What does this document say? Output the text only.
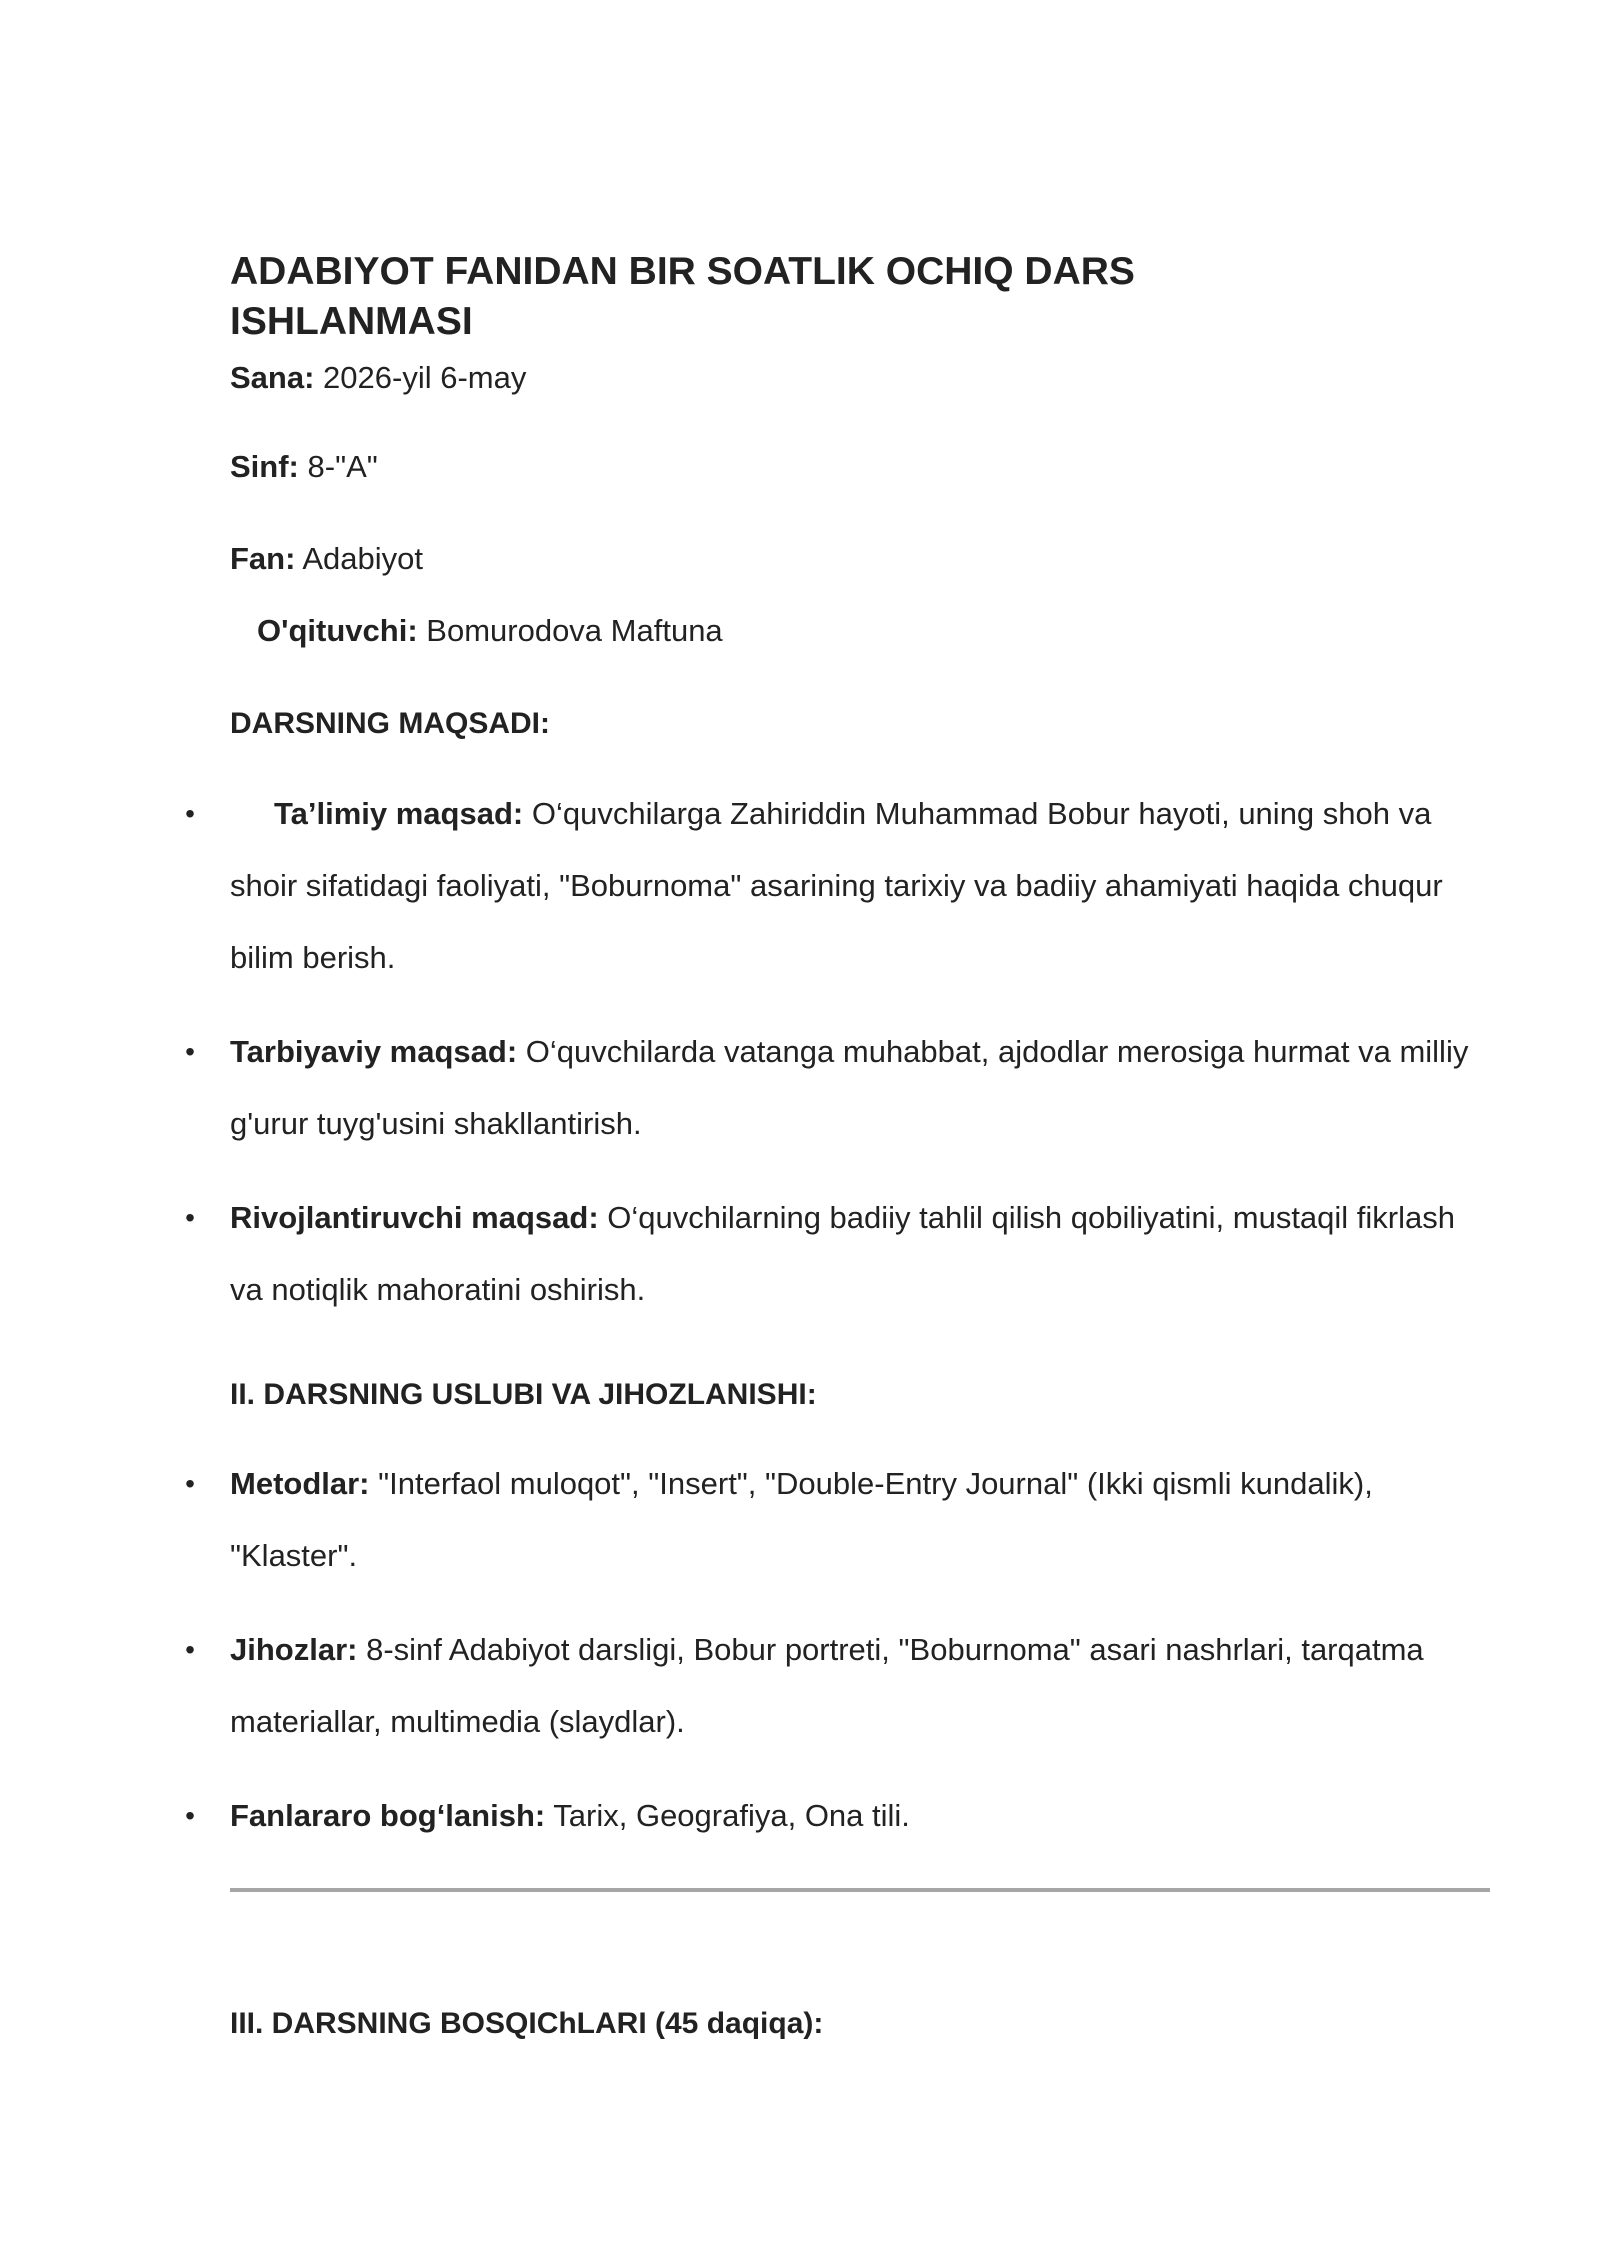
ADABIYOT FANIDAN BIR SOATLIK OCHIQ DARS ISHLANMASI

Sana: 2026-yil 6-may

Sinf: 8-"A"

Fan: Adabiyot

O'qituvchi: Bomurodova Maftuna

DARSNING MAQSADI:

•	Ta’limiy maqsad: O‘quvchilarga Zahiriddin Muhammad Bobur hayoti, uning shoh va shoir sifatidagi faoliyati, "Boburnoma" asarining tarixiy va badiiy ahamiyati haqida chuqur bilim berish.
• Tarbiyaviy maqsad: O‘quvchilarda vatanga muhabbat, ajdodlar merosiga hurmat va milliy g'urur tuyg'usini shakllantirish.
• Rivojlantiruvchi maqsad: O‘quvchilarning badiiy tahlil qilish qobiliyatini, mustaqil fikrlash va notiqlik mahoratini oshirish.

II. DARSNING USLUBI VA JIHOZLANISHI:

• Metodlar: "Interfaol muloqot", "Insert", "Double-Entry Journal" (Ikki qismli kundalik), "Klaster".
• Jihozlar: 8-sinf Adabiyot darsligi, Bobur portreti, "Boburnoma" asari nashrlari, tarqatma materiallar, multimedia (slaydlar).
• Fanlararo bog‘lanish: Tarix, Geografiya, Ona tili.

III. DARSNING BOSQIChLARI (45 daqiqa):
